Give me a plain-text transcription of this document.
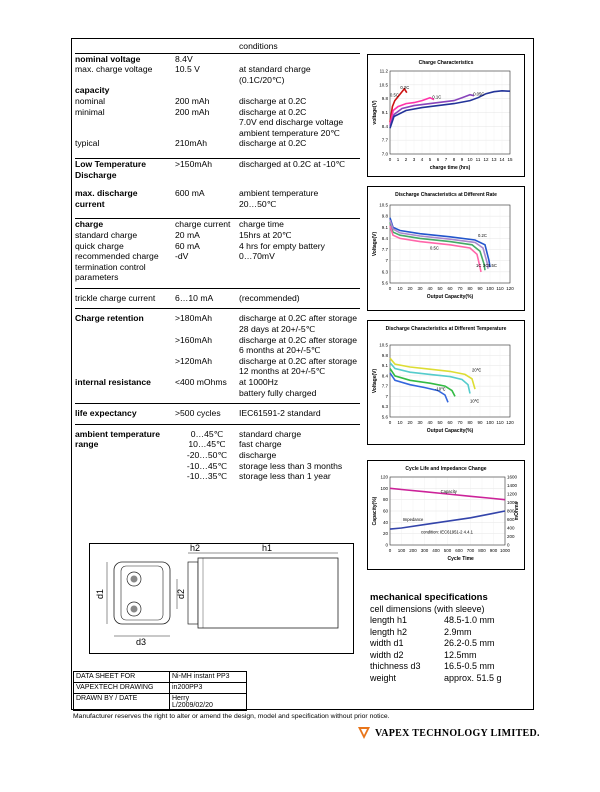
		conditions

nominal voltage	8.4V	
max. charge voltage	10.5 V	at standard charge
		(0.1C/20℃)
capacity		
nominal	200 mAh	discharge at 0.2C
minimal	200 mAh	discharge at 0.2C
		7.0V end discharge voltage
		ambient temperature 20℃
typical	210mAh	discharge at 0.2C

Low Temperature	>150mAh	discharged at 0.2C at -10℃
Discharge		

max. discharge	600 mA	ambient temperature
current		20…50℃

charge	charge current	charge time
standard charge	20 mA	15hrs at 20℃
quick charge	60 mA	4 hrs for empty battery
recommended charge	-dV	0…70mV
termination control		
parameters		

trickle charge current	6…10 mA	(recommended)

Charge retention	>180mAh	discharge at 0.2C after storage
		28 days at 20+/-5℃
	>160mAh	discharge at 0.2C after storage
		6 months at 20+/-5℃
	>120mAh	discharge at 0.2C after storage
		12 months at 20+/-5℃
internal resistance	<400 mOhms	at 1000Hz
		battery fully charged

life expectancy	>500 cycles	IEC61591-2 standard

ambient temperature	0…45℃	standard charge
range	10…45℃	fast charge
	-20…50℃	discharge
	-10…45℃	storage less than 3 months
	-10…35℃	storage less than 1 year
Charge Characteristics
11.2
10.5
9.8
9.1
8.4
7.7
7.0
0 1 2 3 4 5 6 7 8 9 10 11 12 13 14 15
charge time (hrs)
voltage(V)
0.5C
0.2C
0.1C
0.05C
Discharge Characteristics at Different Rate
10.5
9.8
9.1
8.4
7.7
7
6.3
5.6
0 10 20 30 40 50 60 70 80 90 100 110 120
Output Capacity(%)
Voltage(V)	0.2C
0.5C
1C 2C 0.5C
Discharge Characteristics at Different Temperature
10.5
9.8
9.1
8.4
7.7
7
6.3
5.6
0 10 20 30 40 50 60 70 80 90 100 110 120
Output Capacity(%)
Voltage(V)	20℃
-10℃
10℃
Cycle Life and Impedance Change
120
100
80
60
40
20
0
0 100 200 300 400 500 600 700 800 900 1000
1600
1400
1200
1000
800
600
400
200
0
mOhms
Cycle Time
Capacity(%)
Capacity
Impedance
condition: IEC61951-2 4.4.1
h2	h1
d1	d2
d3
mechanical specifications
cell dimensions (with sleeve)
length h1	48.5-1.0 mm
length h2	2.9mm
width d1	26.2-0.5 mm
width d2	12.5mm
thichness d3	16.5-0.5 mm
weight	approx. 51.5 g
DATA SHEET FOR	Ni-MH instant PP3
VAPEXTECH DRAWING	in200PP3
DRAWN BY / DATE	Herry
L/2009/02/20
Manufacturer reserves the right to alter or amend the design, model and specification without prior notice.
VAPEX TECHNOLOGY LIMITED.
